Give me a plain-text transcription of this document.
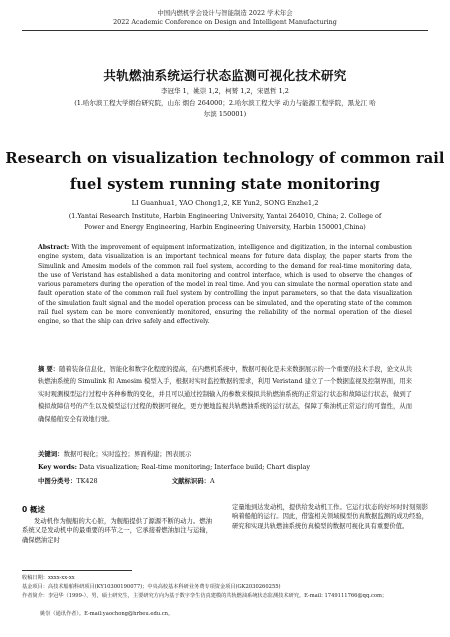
中国内燃机学会设计与智能制造 2022 学术年会
2022 Academic Conference on Design and Intelligent Manufacturing
共轨燃油系统运行状态监测可视化技术研究
李冠华 1，姚崇 1,2，柯赟 1,2，宋恩哲 1,2
(1.哈尔滨工程大学烟台研究院，山东 烟台 264000；2.哈尔滨工程大学 动力与能源工程学院，黑龙江 哈
尔滨 150001)
Research on visualization technology of common rail
fuel system running state monitoring
LI Guanhua1, YAO Chong1,2, KE Yun2, SONG Enzhe1,2
(1.Yantai Research Institute, Harbin Engineering University, Yantai 264010, China; 2. College of
Power and Energy Engineering, Harbin Engineering University, Harbin 150001,China)
Abstract: With the improvement of equipment informatization, intelligence and digitization, in the internal combustion engine system, data visualization is an important technical means for future data display, the paper starts from the Simulink and Amesim models of the common rail fuel system, according to the demand for real-time monitoring data, the use of Veristand has established a data monitoring and control interface, which is used to observe the changes of various parameters during the operation of the model in real time. And you can simulate the normal operation state and fault operation state of the common rail fuel system by controlling the input parameters, so that the data visualization of the simulation fault signal and the model operation process can be simulated, and the operating state of the common rail fuel system can be more conveniently monitored, ensuring the reliability of the normal operation of the diesel engine, so that the ship can drive safely and effectively.
摘 要：随着装备信息化，智能化和数字化程度的提高，在内燃机系统中，数据可视化是未来数据展示的一个重要的技术手段，论文从共轨燃油系统的 Simulink 和 Amesim 模型入手，根据对实时监控数据的需求，利用 Veristand 建立了一个数据监视及控制界面，用来实时观测模型运行过程中各种参数的变化，并且可以通过控制输入的参数来模拟共轨燃油系统的正常运行状态和故障运行状态，做到了模拟故障信号的产生以及模型运行过程的数据可视化，更方便地监视共轨燃油系统的运行状态，保障了柴油机正常运行的可靠性，从而确保船舶安全有效地行驶。
关键词：数据可视化；实时监控；界面构建；图表展示
Key words: Data visualization; Real-time monitoring; Interface build; Chart display
中图分类号：TK428	文献标识码：A
0 概述
发动机作为舰船的大心脏，为舰船提供了源源不断的动力。燃油系统又是发动机中的最重要的环节之一，它承接着燃油加注与运输，确保燃油定时
定量地到达发动机，提供给发动机工作。它运行状态的好坏时时刻刻影响着船舶的运行。因此，借鉴相关领域模型仿真数据监测的成功经验，研究和实现共轨燃油系统仿真模型的数据可视化具有重要价值。
收稿日期：xxxx-xx-xx
基金项目：高技术船舶科研项目(KY10300190077)；中央高校基本科研业务费专项资金项目(GK2030260255)
作者简介：李冠华（1999-），男，硕士研究生，主要研究方向为基于数字孪生仿真建模的共轨燃油系统状态监测技术研究。E-mail: 1749111766@qq.com；
姚崇（通讯作者）。E-mail:yaochong@hrbeu.edu.cn。
